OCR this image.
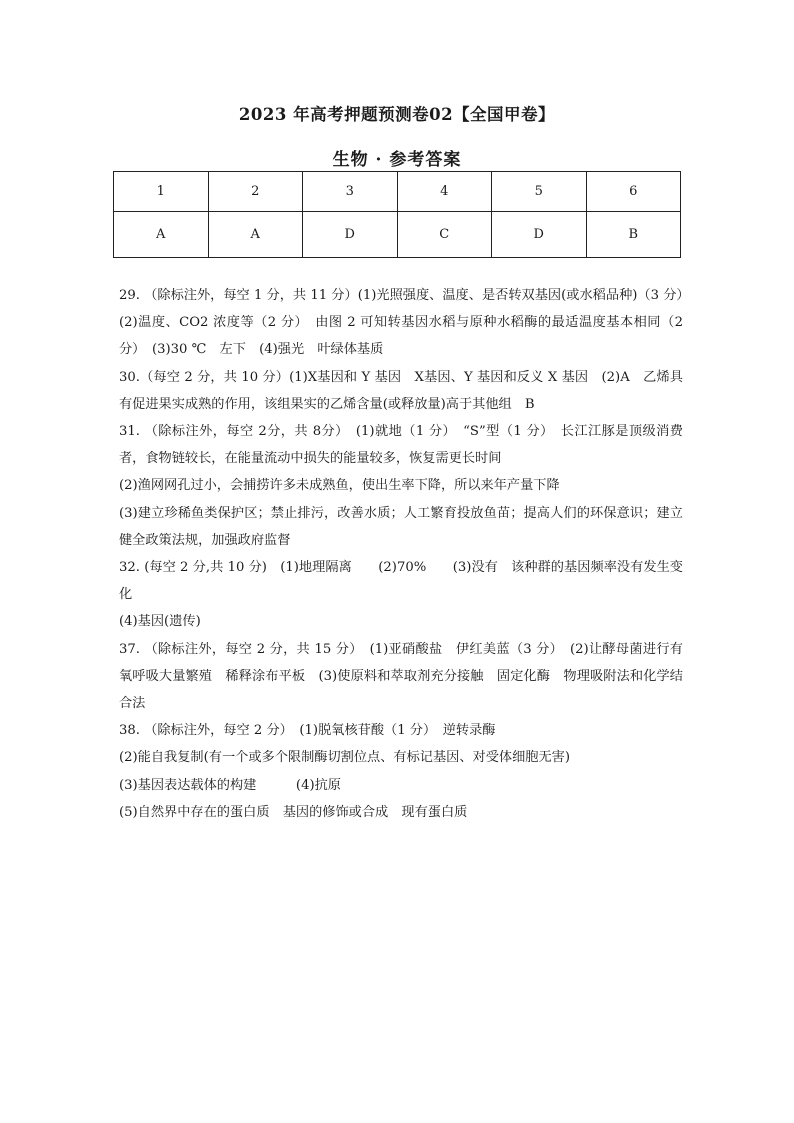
2023 年高考押题预测卷02【全国甲卷】
生物 · 参考答案
1	2	3	4	5	6
A	A	D	C	D	B

29. （除标注外，每空 1 分，共 11 分）(1)光照强度、温度、是否转双基因(或水稻品种)（3 分）　(2)温度、CO2 浓度等（2 分）　由图 2 可知转基因水稻与原种水稻酶的最适温度基本相同（2 分）　(3)30 ℃　左下　(4)强光　叶绿体基质

30.（每空 2 分，共 10 分）(1)X基因和 Y 基因　X基因、Y 基因和反义 X 基因　(2)A　乙烯具有促进果实成熟的作用，该组果实的乙烯含量(或释放量)高于其他组　B

31. （除标注外，每空 2分，共 8分）　(1)就地（1 分）　“S”型（1 分）　长江江豚是顶级消费者，食物链较长，在能量流动中损失的能量较多，恢复需更长时间

(2)渔网网孔过小，会捕捞许多未成熟鱼，使出生率下降，所以来年产量下降

(3)建立珍稀鱼类保护区；禁止排污，改善水质；人工繁育投放鱼苗；提高人们的环保意识；建立健全政策法规，加强政府监督

32. (每空 2 分,共 10 分)　(1)地理隔离　　(2)70%　　(3)没有　该种群的基因频率没有发生变化

(4)基因(遗传)

37. （除标注外，每空 2 分，共 15 分）　(1)亚硝酸盐　伊红美蓝（3 分）　(2)让酵母菌进行有氧呼吸大量繁殖　稀释涂布平板　(3)使原料和萃取剂充分接触　固定化酶　物理吸附法和化学结合法

38. （除标注外，每空 2 分）　(1)脱氧核苷酸（1 分）　逆转录酶

(2)能自我复制(有一个或多个限制酶切割位点、有标记基因、对受体细胞无害)

(3)基因表达载体的构建　　　(4)抗原

(5)自然界中存在的蛋白质　基因的修饰或合成　现有蛋白质
